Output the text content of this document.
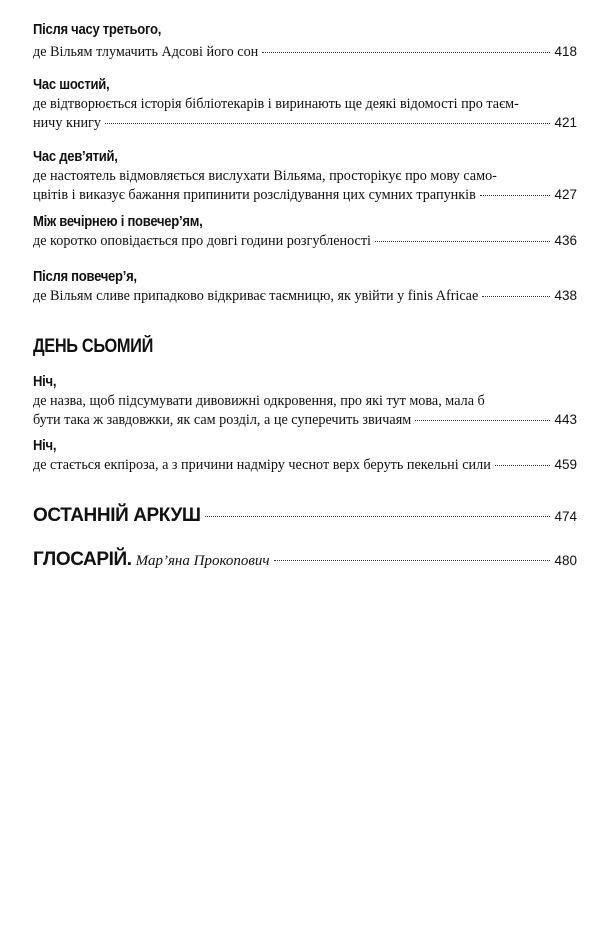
Після часу третього,
де Вільям тлумачить Адсові його сон	418
Час шостий,
де відтворюється історія бібліотекарів і виринають ще деякі відомості про таєм-
ничу книгу	421
Час дев’ятий,
де настоятель відмовляється вислухати Вільяма, просторікує про мову само-
цвітів і виказує бажання припинити розслідування цих сумних трапунків	427
Між вечірнею і повечер’ям,
де коротко оповідається про довгі години розгубленості	436
Після повечер’я,
де Вільям сливе припадково відкриває таємницю, як увійти у finis Africae	438
ДЕНЬ СЬОМИЙ
Ніч,
де назва, щоб підсумувати дивовижні одкровення, про які тут мова, мала б
бути така ж завдовжки, як сам розділ, а це суперечить звичаям	443
Ніч,
де стається екпіроза, а з причини надміру чеснот верх беруть пекельні сили	459
ОСТАННІЙ АРКУШ	474
ГЛОСАРІЙ. Мар’яна Прокопович	480
